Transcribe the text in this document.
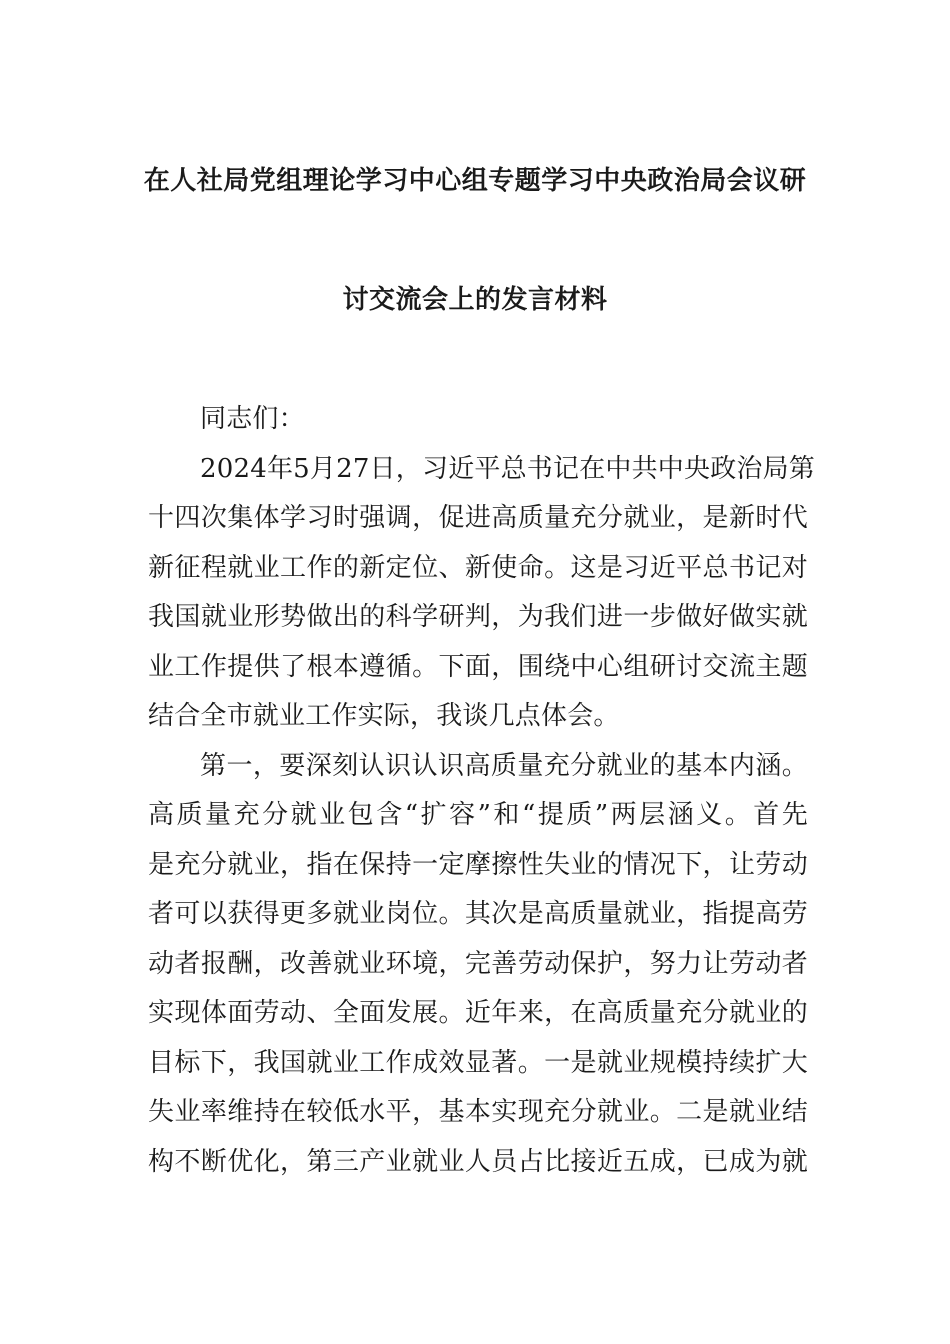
在人社局党组理论学习中心组专题学习中央政治局会议研
讨交流会上的发言材料
同志们：
2024年5月27日，习近平总书记在中共中央政治局第
十四次集体学习时强调，促进高质量充分就业，是新时代
新征程就业工作的新定位、新使命。这是习近平总书记对
我国就业形势做出的科学研判，为我们进一步做好做实就
业工作提供了根本遵循。下面，围绕中心组研讨交流主题
结合全市就业工作实际，我谈几点体会。
第一，要深刻认识认识高质量充分就业的基本内涵。
高质量充分就业包含“扩容”和“提质”两层涵义。首先
是充分就业，指在保持一定摩擦性失业的情况下，让劳动
者可以获得更多就业岗位。其次是高质量就业，指提高劳
动者报酬，改善就业环境，完善劳动保护，努力让劳动者
实现体面劳动、全面发展。近年来，在高质量充分就业的
目标下，我国就业工作成效显著。一是就业规模持续扩大
失业率维持在较低水平，基本实现充分就业。二是就业结
构不断优化，第三产业就业人员占比接近五成，已成为就
